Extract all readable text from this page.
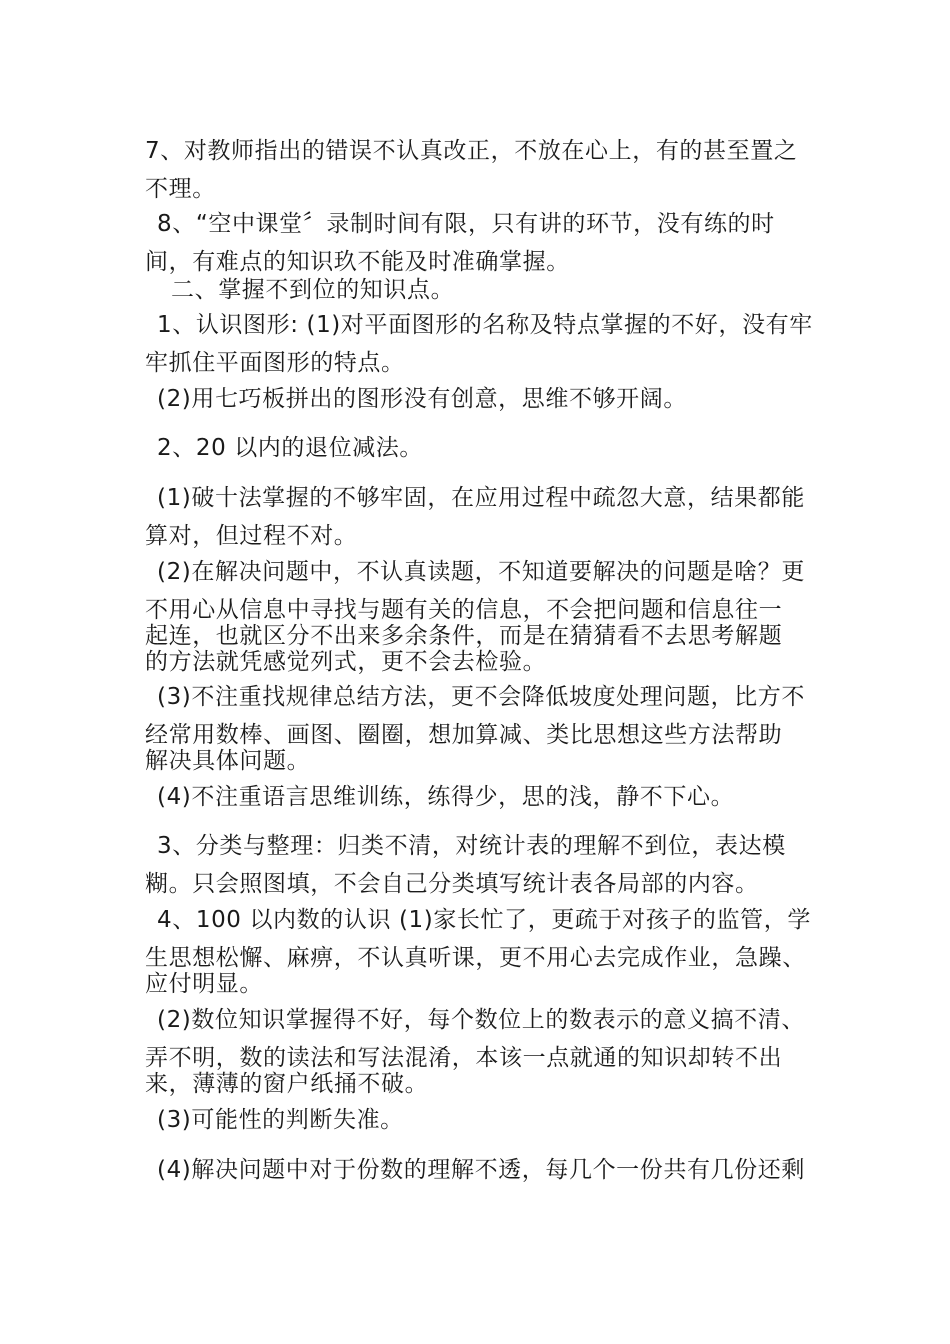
7、对教师指出的错误不认真改正，不放在心上，有的甚至置之
不理。
8、“空中课堂〞录制时间有限，只有讲的环节，没有练的时
间，有难点的知识玖不能及时准确掌握。
二、掌握不到位的知识点。
1、认识图形: (1)对平面图形的名称及特点掌握的不好，没有牢
牢抓住平面图形的特点。
(2)用七巧板拼出的图形没有创意，思维不够开阔。
2、20 以内的退位减法。
(1)破十法掌握的不够牢固，在应用过程中疏忽大意，结果都能
算对，但过程不对。
(2)在解决问题中，不认真读题，不知道要解决的问题是啥？更
不用心从信息中寻找与题有关的信息，不会把问题和信息往一
起连，也就区分不出来多余条件，而是在猜猜看不去思考解题
的方法就凭感觉列式，更不会去检验。
(3)不注重找规律总结方法，更不会降低坡度处理问题，比方不
经常用数棒、画图、圈圈，想加算减、类比思想这些方法帮助
解决具体问题。
(4)不注重语言思维训练，练得少，思的浅，静不下心。
3、分类与整理：归类不清，对统计表的理解不到位，表达模
糊。只会照图填，不会自己分类填写统计表各局部的内容。
4、100 以内数的认识 (1)家长忙了，更疏于对孩子的监管，学
生思想松懈、麻痹，不认真听课，更不用心去完成作业，急躁、
应付明显。
(2)数位知识掌握得不好，每个数位上的数表示的意义搞不清、
弄不明，数的读法和写法混淆，本该一点就通的知识却转不出
来，薄薄的窗户纸捅不破。
(3)可能性的判断失准。
(4)解决问题中对于份数的理解不透，每几个一份共有几份还剩
